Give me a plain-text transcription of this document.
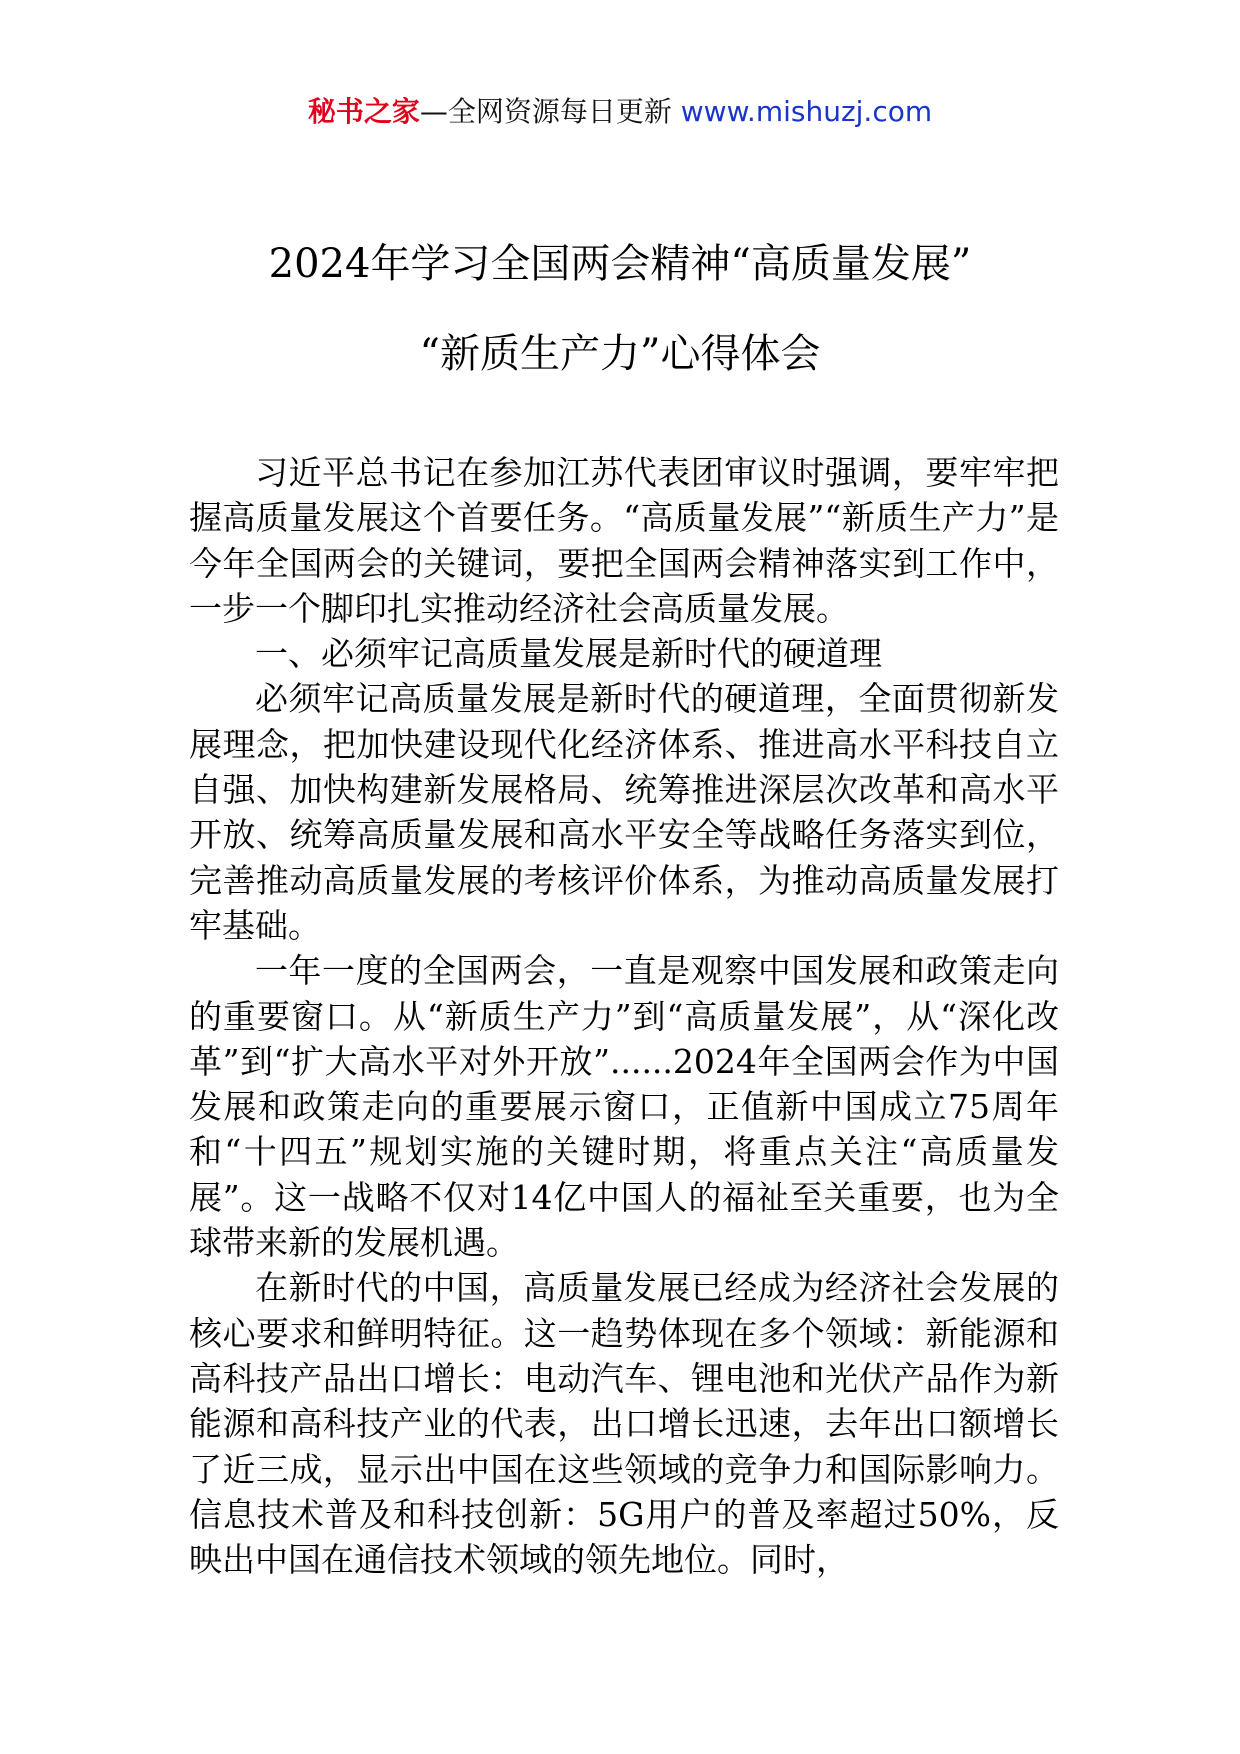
秘书之家—全网资源每日更新 www.mishuzj.com
2024年学习全国两会精神“高质量发展”
“新质生产力”心得体会

习近平总书记在参加江苏代表团审议时强调，要牢牢把握高质量发展这个首要任务。“高质量发展”“新质生产力”是今年全国两会的关键词，要把全国两会精神落实到工作中，一步一个脚印扎实推动经济社会高质量发展。

一、必须牢记高质量发展是新时代的硬道理

必须牢记高质量发展是新时代的硬道理，全面贯彻新发展理念，把加快建设现代化经济体系、推进高水平科技自立自强、加快构建新发展格局、统筹推进深层次改革和高水平开放、统筹高质量发展和高水平安全等战略任务落实到位，完善推动高质量发展的考核评价体系，为推动高质量发展打牢基础。

一年一度的全国两会，一直是观察中国发展和政策走向的重要窗口。从“新质生产力”到“高质量发展”，从“深化改革”到“扩大高水平对外开放”......2024年全国两会作为中国发展和政策走向的重要展示窗口，正值新中国成立75周年和“十四五”规划实施的关键时期，将重点关注“高质量发展”。这一战略不仅对14亿中国人的福祉至关重要，也为全球带来新的发展机遇。

在新时代的中国，高质量发展已经成为经济社会发展的核心要求和鲜明特征。这一趋势体现在多个领域：新能源和高科技产品出口增长：电动汽车、锂电池和光伏产品作为新能源和高科技产业的代表，出口增长迅速，去年出口额增长了近三成，显示出中国在这些领域的竞争力和国际影响力。信息技术普及和科技创新：5G用户的普及率超过50%，反映出中国在通信技术领域的领先地位。同时，
